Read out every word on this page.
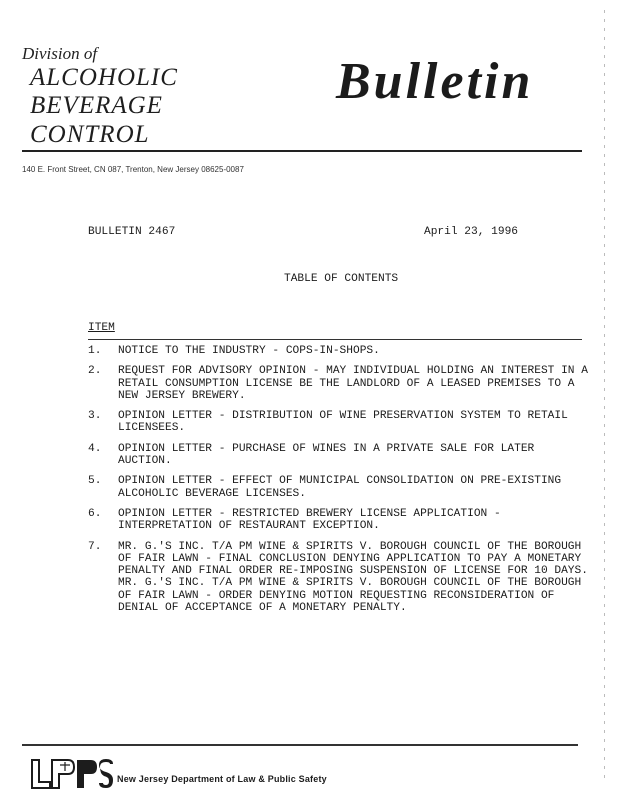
Division of
ALCOHOLIC
BEVERAGE
CONTROL
Bulletin
140 E. Front Street, CN 087, Trenton, New Jersey 08625-0087
BULLETIN 2467	April 23, 1996
TABLE OF CONTENTS
ITEM
1.	NOTICE TO THE INDUSTRY - COPS-IN-SHOPS.
2.	REQUEST FOR ADVISORY OPINION - MAY INDIVIDUAL HOLDING AN INTEREST IN A RETAIL CONSUMPTION LICENSE BE THE LANDLORD OF A LEASED PREMISES TO A NEW JERSEY BREWERY.
3.	OPINION LETTER - DISTRIBUTION OF WINE PRESERVATION SYSTEM TO RETAIL LICENSEES.
4.	OPINION LETTER - PURCHASE OF WINES IN A PRIVATE SALE FOR LATER AUCTION.
5.	OPINION LETTER - EFFECT OF MUNICIPAL CONSOLIDATION ON PRE-EXISTING ALCOHOLIC BEVERAGE LICENSES.
6.	OPINION LETTER - RESTRICTED BREWERY LICENSE APPLICATION - INTERPRETATION OF RESTAURANT EXCEPTION.
7.	MR. G.'S INC. T/A PM WINE & SPIRITS V. BOROUGH COUNCIL OF THE BOROUGH OF FAIR LAWN - FINAL CONCLUSION DENYING APPLICATION TO PAY A MONETARY PENALTY AND FINAL ORDER RE-IMPOSING SUSPENSION OF LICENSE FOR 10 DAYS. MR. G.'S INC. T/A PM WINE & SPIRITS V. BOROUGH COUNCIL OF THE BOROUGH OF FAIR LAWN - ORDER DENYING MOTION REQUESTING RECONSIDERATION OF DENIAL OF ACCEPTANCE OF A MONETARY PENALTY.
New Jersey Department of Law & Public Safety
